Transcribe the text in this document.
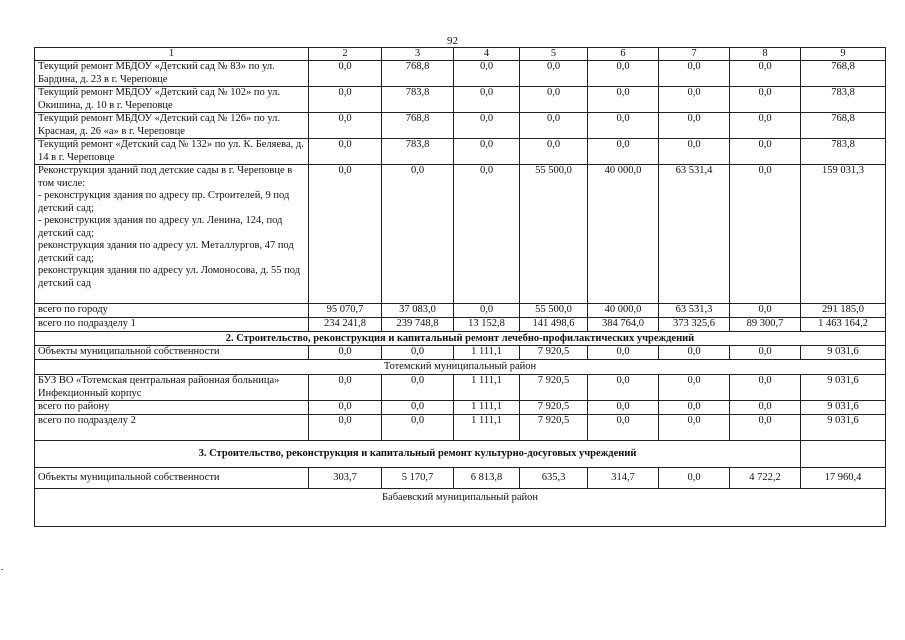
92
1	2	3	4	5	6	7	8	9
Текущий ремонт МБДОУ «Детский сад № 83» по ул. Бардина, д. 23 в г. Череповце	0,0	768,8	0,0	0,0	0,0	0,0	0,0	768,8
Текущий ремонт МБДОУ «Детский сад № 102» по ул. Окишина, д. 10 в г. Череповце	0,0	783,8	0,0	0,0	0,0	0,0	0,0	783,8
Текущий ремонт МБДОУ «Детский сад № 126» по ул. Красная, д. 26 «а» в г. Череповце	0,0	768,8	0,0	0,0	0,0	0,0	0,0	768,8
Текущий ремонт «Детский сад № 132» по ул. К. Беляева, д. 14 в г. Череповце	0,0	783,8	0,0	0,0	0,0	0,0	0,0	783,8

Реконструкция зданий под детские сады в г. Череповце в том числе:
- реконструкция здания по адресу пр. Строителей, 9 под детский сад;
- реконструкция здания по адресу ул. Ленина, 124, под детский сад;
реконструкция здания по адресу ул. Металлургов, 47 под детский сад;
реконструкция здания по адресу ул. Ломоносова, д. 55 под детский сад	0,0	0,0	0,0	55 500,0	40 000,0	63 531,4	0,0	159 031,3
всего по городу	95 070,7	37 083,0	0,0	55 500,0	40 000,0	63 531,3	0,0	291 185,0
всего по подразделу 1	234 241,8	239 748,8	13 152,8	141 498,6	384 764,0	373 325,6	89 300,7	1 463 164,2
2. Строительство, реконструкция и капитальный ремонт лечебно-профилактических учреждений								
Объекты муниципальной собственности	0,0	0,0	1 111,1	7 920,5	0,0	0,0	0,0	9 031,6
Тотемский муниципальный район								
БУЗ ВО «Тотемская центральная районная больница» Инфекционный корпус	0,0	0,0	1 111,1	7 920,5	0,0	0,0	0,0	9 031,6
всего по району	0,0	0,0	1 111,1	7 920,5	0,0	0,0	0,0	9 031,6
всего по подразделу 2	0,0	0,0	1 111,1	7 920,5	0,0	0,0	0,0	9 031,6
3. Строительство, реконструкция и капитальный ремонт культурно-досуговых учреждений								
Объекты муниципальной собственности	303,7	5 170,7	6 813,8	635,3	314,7	0,0	4 722,2	17 960,4
Бабаевский муниципальный район								
